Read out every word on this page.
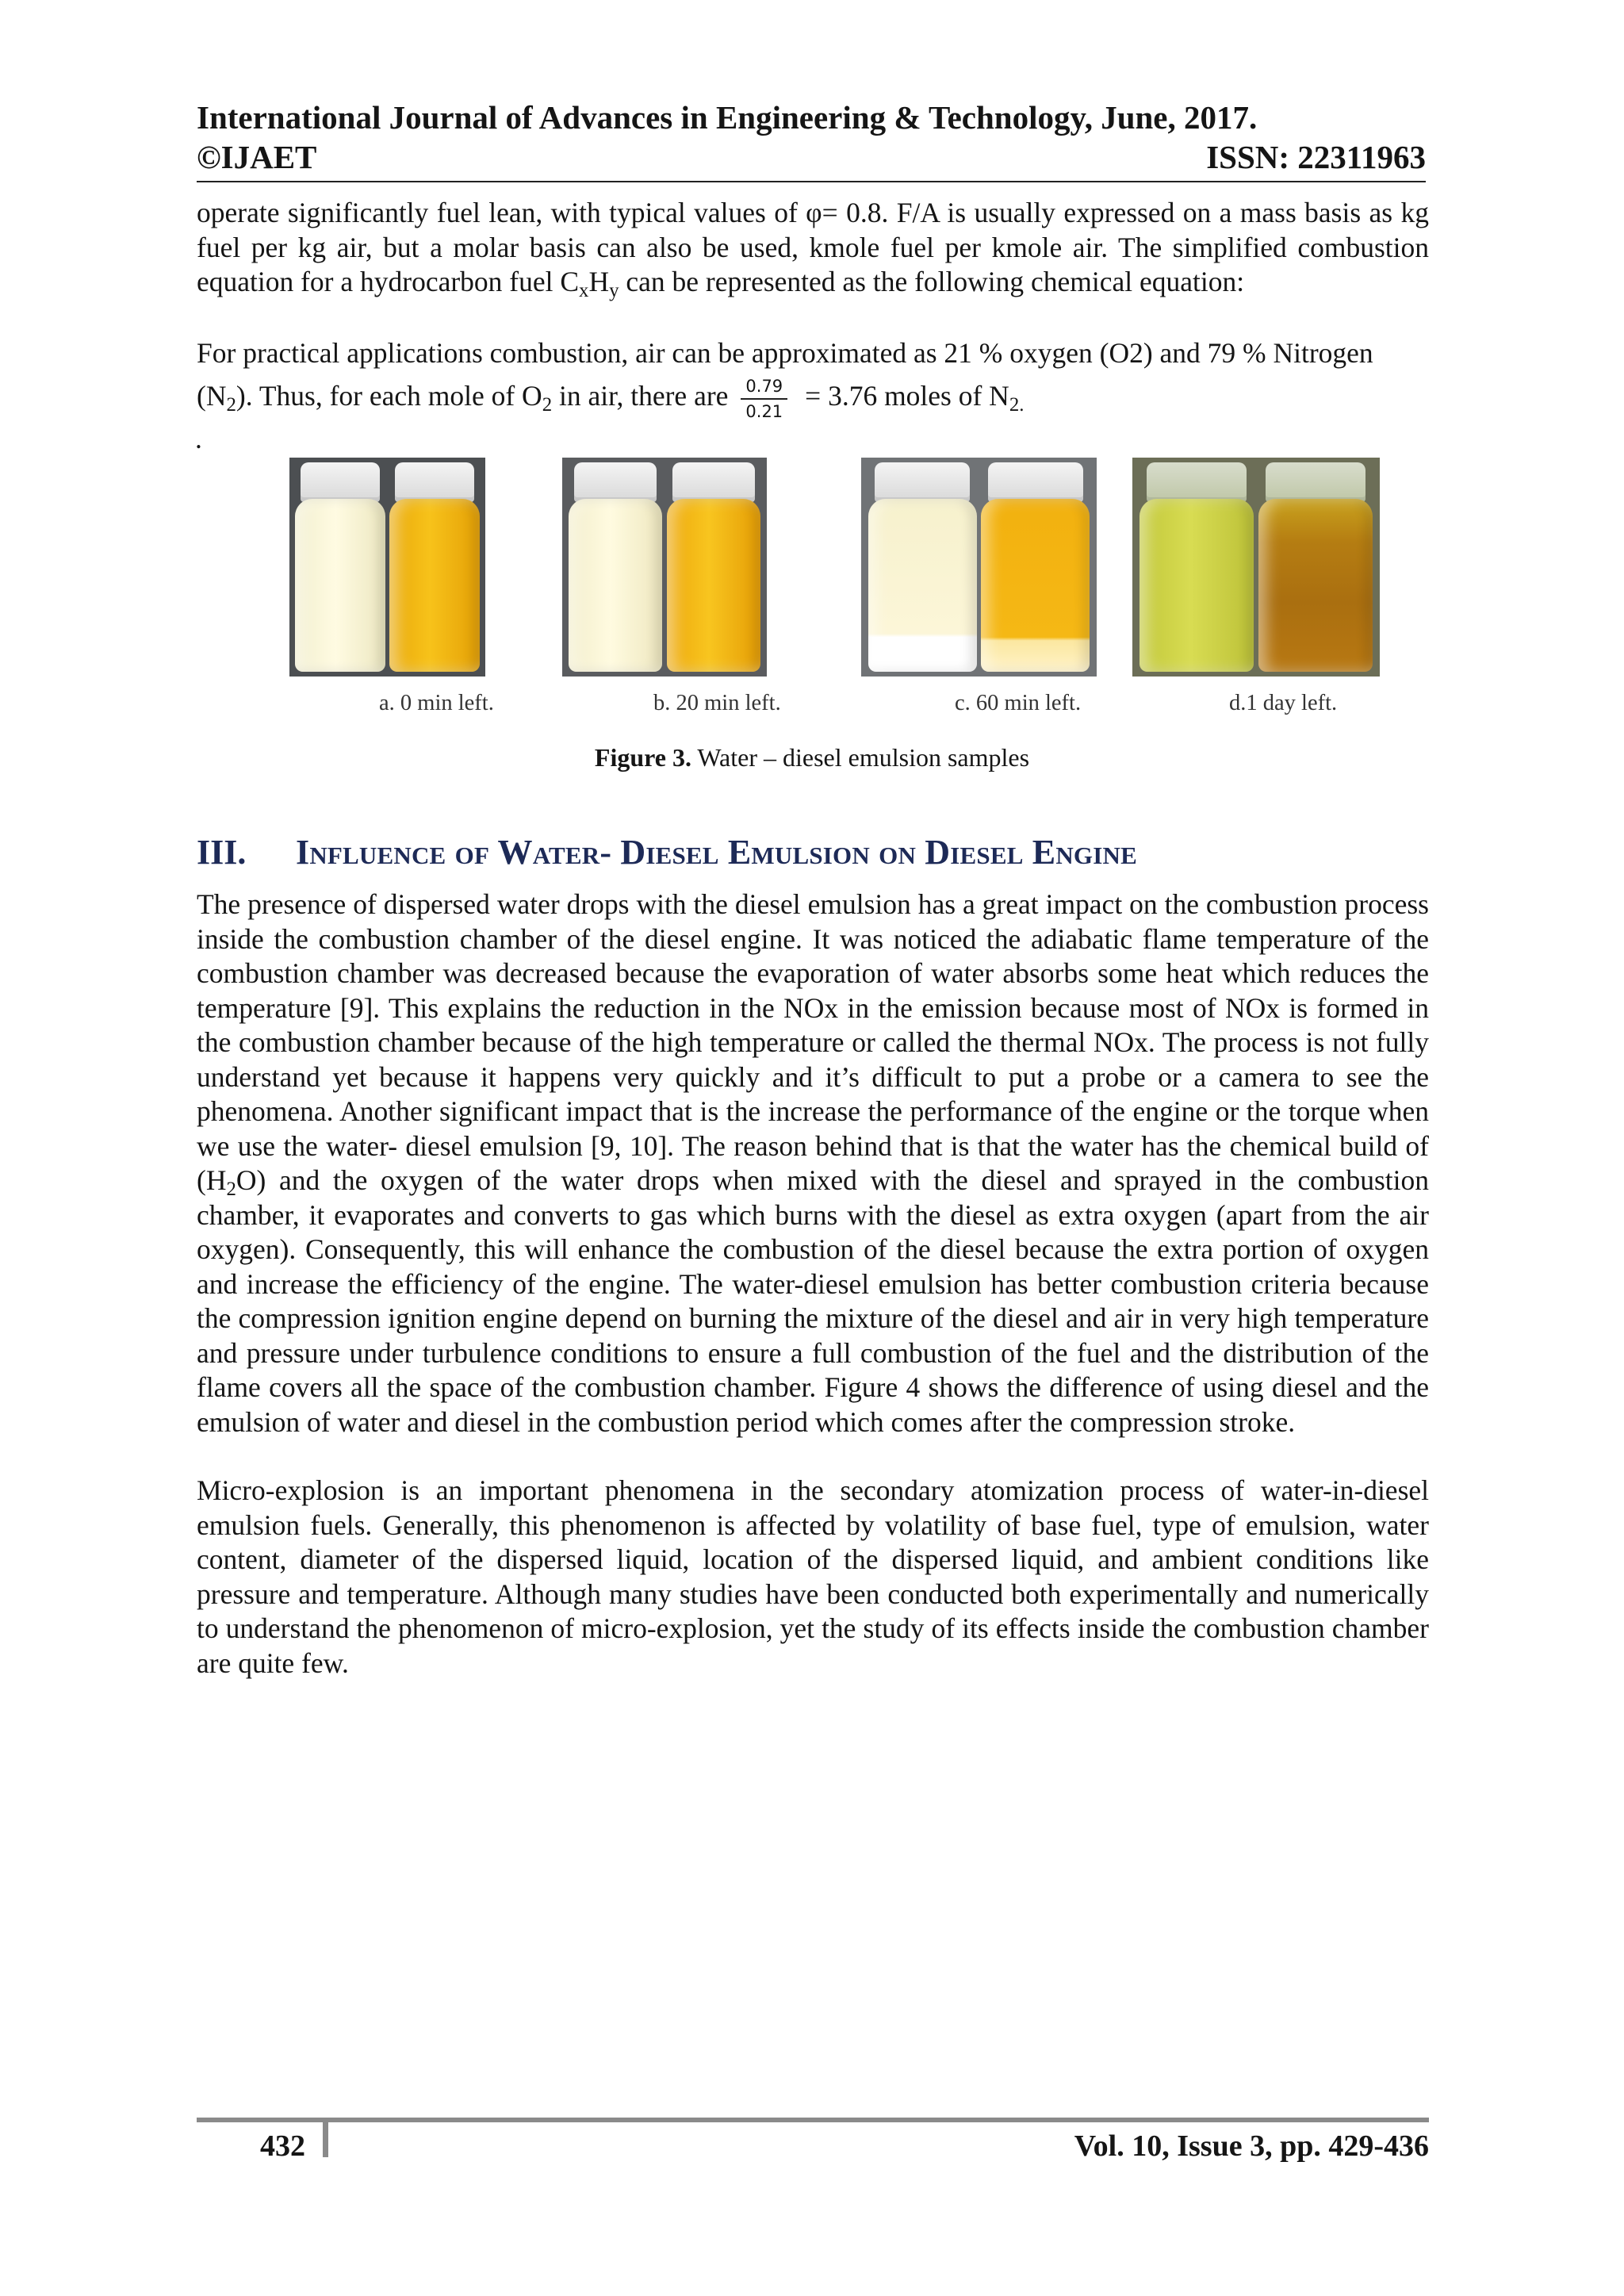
International Journal of Advances in Engineering & Technology, June, 2017.
©IJAET	ISSN: 22311963
operate significantly fuel lean, with typical values of φ= 0.8. F/A is usually expressed on a mass basis as kg fuel per kg air, but a molar basis can also be used, kmole fuel per kmole air. The simplified combustion equation for a hydrocarbon fuel $C_xH_y$ can be represented as the following chemical equation:
For practical applications combustion, air can be approximated as 21 % oxygen (O2) and 79 % Nitrogen
$(N_2)$. Thus, for each mole of $O_2$ in air, there are $\frac{0.79}{0.21} = 3.76$ moles of $N_{2.}$
.
a. 0 min left.	b. 20 min left.	c. 60 min left.	d.1 day left.
Figure 3. Water – diesel emulsion samples
III. Influence of Water- Diesel Emulsion on Diesel Engine
The presence of dispersed water drops with the diesel emulsion has a great impact on the combustion process inside the combustion chamber of the diesel engine. It was noticed the adiabatic flame temperature of the combustion chamber was decreased because the evaporation of water absorbs some heat which reduces the temperature [9]. This explains the reduction in the NOx in the emission because most of NOx is formed in the combustion chamber because of the high temperature or called the thermal NOx. The process is not fully understand yet because it happens very quickly and it’s difficult to put a probe or a camera to see the phenomena. Another significant impact that is the increase the performance of the engine or the torque when we use the water- diesel emulsion [9, 10]. The reason behind that is that the water has the chemical build of $(H_2O)$ and the oxygen of the water drops when mixed with the diesel and sprayed in the combustion chamber, it evaporates and converts to gas which burns with the diesel as extra oxygen (apart from the air oxygen). Consequently, this will enhance the combustion of the diesel because the extra portion of oxygen and increase the efficiency of the engine. The water-diesel emulsion has better combustion criteria because the compression ignition engine depend on burning the mixture of the diesel and air in very high temperature and pressure under turbulence conditions to ensure a full combustion of the fuel and the distribution of the flame covers all the space of the combustion chamber. Figure 4 shows the difference of using diesel and the emulsion of water and diesel in the combustion period which comes after the compression stroke.
Micro-explosion is an important phenomena in the secondary atomization process of water-in-diesel emulsion fuels. Generally, this phenomenon is affected by volatility of base fuel, type of emulsion, water content, diameter of the dispersed liquid, location of the dispersed liquid, and ambient conditions like pressure and temperature. Although many studies have been conducted both experimentally and numerically to understand the phenomenon of micro-explosion, yet the study of its effects inside the combustion chamber are quite few.
432	Vol. 10, Issue 3, pp. 429-436
